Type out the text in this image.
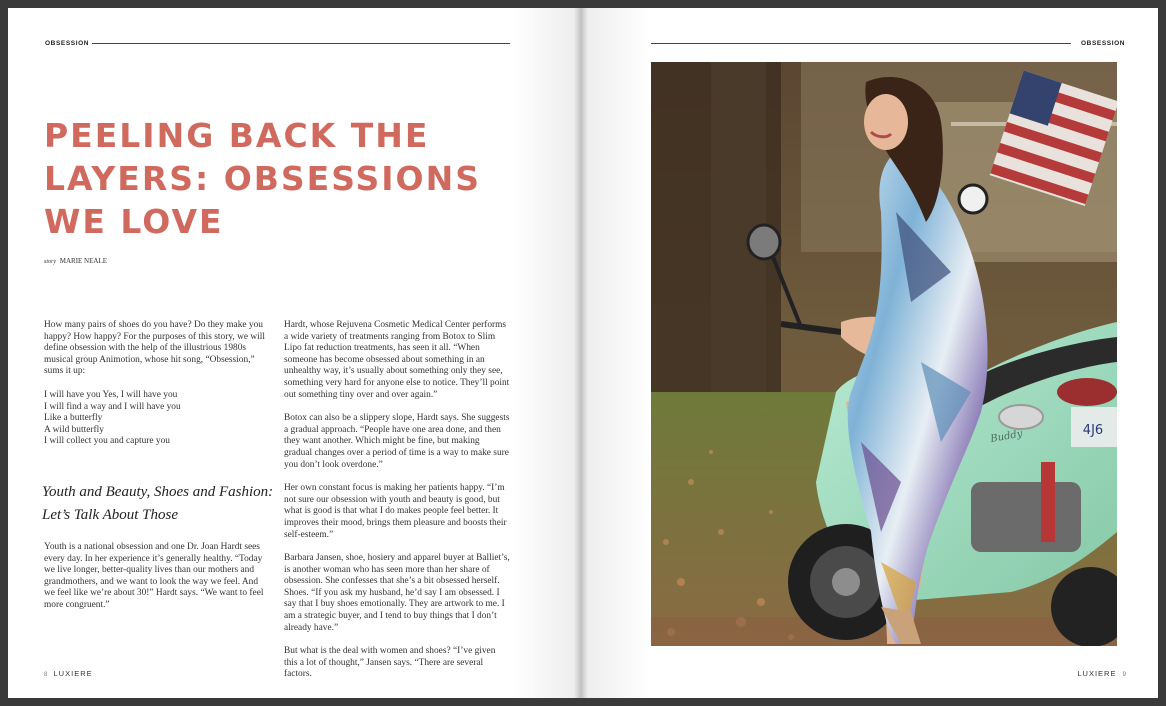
OBSESSION
PEELING BACK THE LAYERS: OBSESSIONS WE LOVE
story MARIE NEALE

How many pairs of shoes do you have? Do they make you happy? How happy? For the purposes of this story, we will define obsession with the help of the illustrious 1980s musical group Animotion, whose hit song, “Obsession,” sums it up:

I will have you Yes, I will have you
I will find a way and I will have you
Like a butterfly
A wild butterfly
I will collect you and capture you
Youth and Beauty, Shoes and Fashion: Let’s Talk About Those

Youth is a national obsession and one Dr. Joan Hardt sees every day. In her experience it’s generally healthy. “Today we live longer, better-quality lives than our mothers and grandmothers, and we want to look the way we feel. And we feel like we’re about 30!” Hardt says. “We want to feel more congruent.”

Hardt, whose Rejuvena Cosmetic Medical Center performs a wide variety of treatments ranging from Botox to Slim Lipo fat reduction treatments, has seen it all. “When someone has become obsessed about something in an unhealthy way, it’s usually about something only they see, something very hard for anyone else to notice. They’ll point out something tiny over and over again.”

Botox can also be a slippery slope, Hardt says. She suggests a gradual approach. “People have one area done, and then they want another. Which might be fine, but making gradual changes over a period of time is a way to make sure you don’t look overdone.”

Her own constant focus is making her patients happy. “I’m not sure our obsession with youth and beauty is good, but what is good is that what I do makes people feel better. It improves their mood, brings them pleasure and boosts their self-esteem.”

Barbara Jansen, shoe, hosiery and apparel buyer at Balliet’s, is another woman who has seen more than her share of obsession. She confesses that she’s a bit obsessed herself. Shoes. “If you ask my husband, he’d say I am obsessed. I say that I buy shoes emotionally. They are artwork to me. I am a strategic buyer, and I tend to buy things that I don’t already have.”

But what is the deal with women and shoes? “I’ve given this a lot of thought,” Jansen says. “There are several factors.

8 LUXIERE
OBSESSION
4J6
Buddy
LUXIERE 9
